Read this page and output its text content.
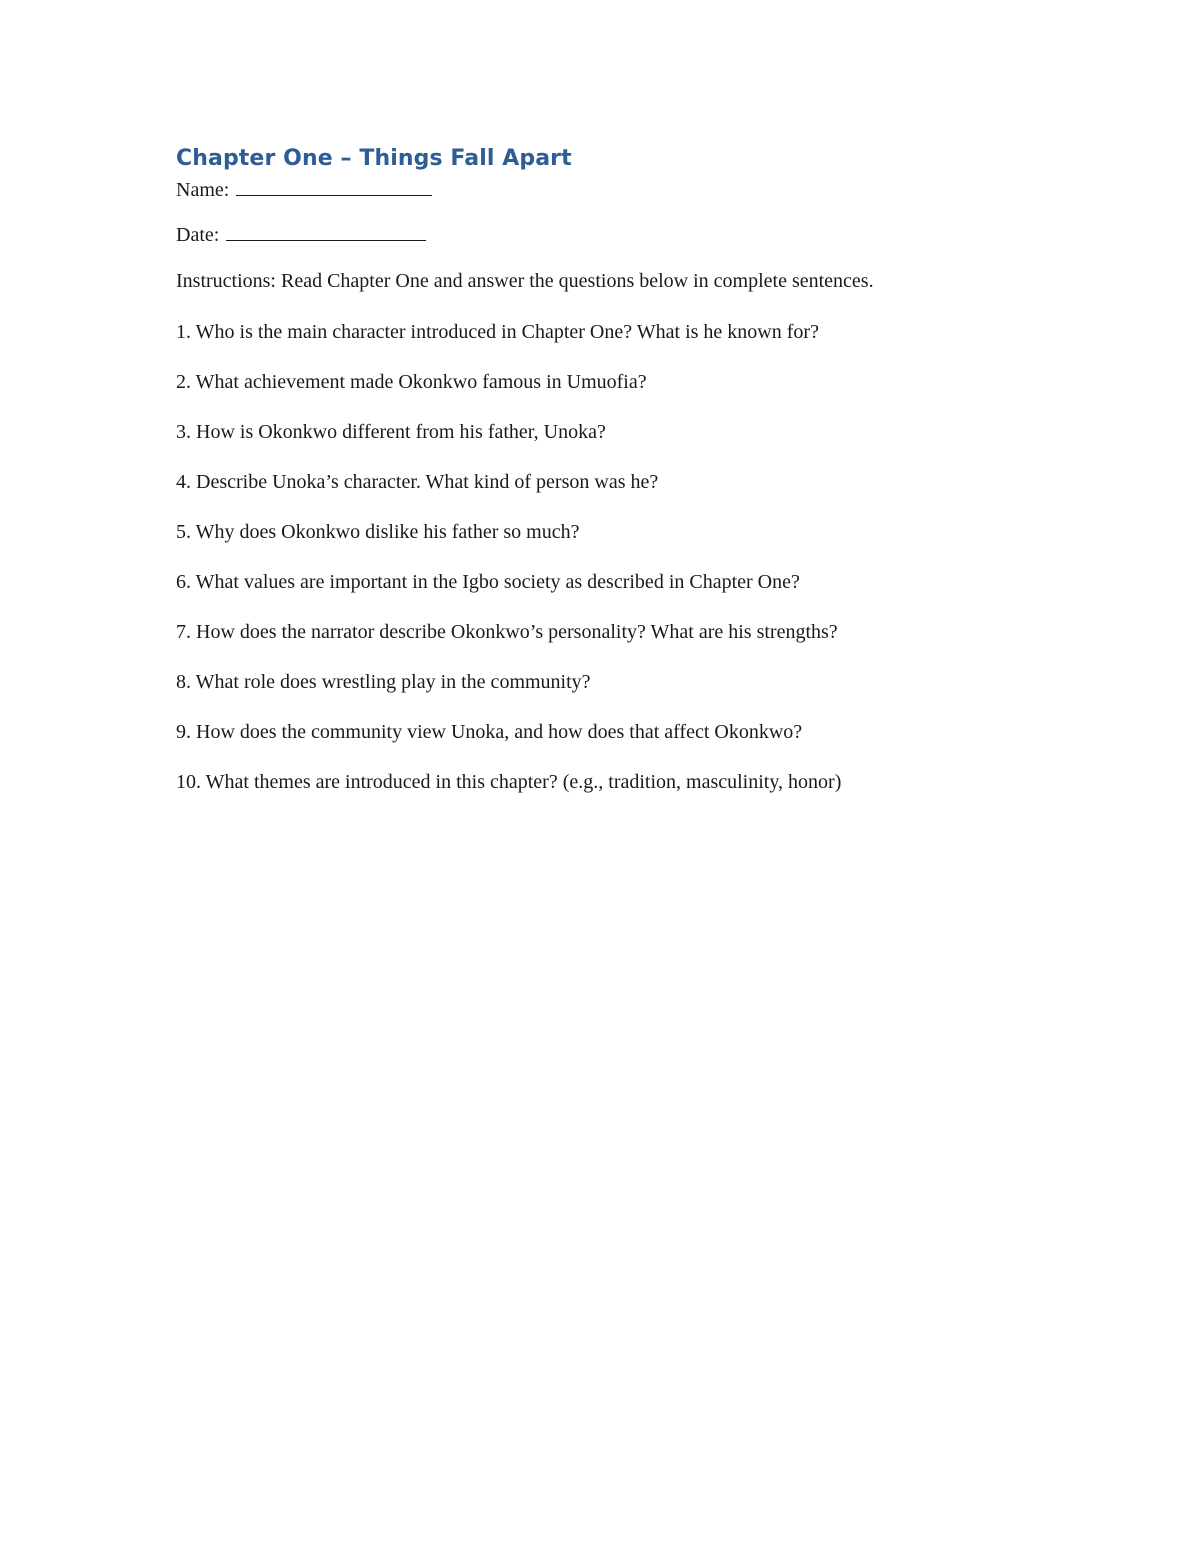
Chapter One – Things Fall Apart
Name:
Date:

Instructions: Read Chapter One and answer the questions below in complete sentences.

1. Who is the main character introduced in Chapter One? What is he known for?
2. What achievement made Okonkwo famous in Umuofia?
3. How is Okonkwo different from his father, Unoka?
4. Describe Unoka’s character. What kind of person was he?
5. Why does Okonkwo dislike his father so much?
6. What values are important in the Igbo society as described in Chapter One?
7. How does the narrator describe Okonkwo’s personality? What are his strengths?
8. What role does wrestling play in the community?
9. How does the community view Unoka, and how does that affect Okonkwo?
10. What themes are introduced in this chapter? (e.g., tradition, masculinity, honor)
